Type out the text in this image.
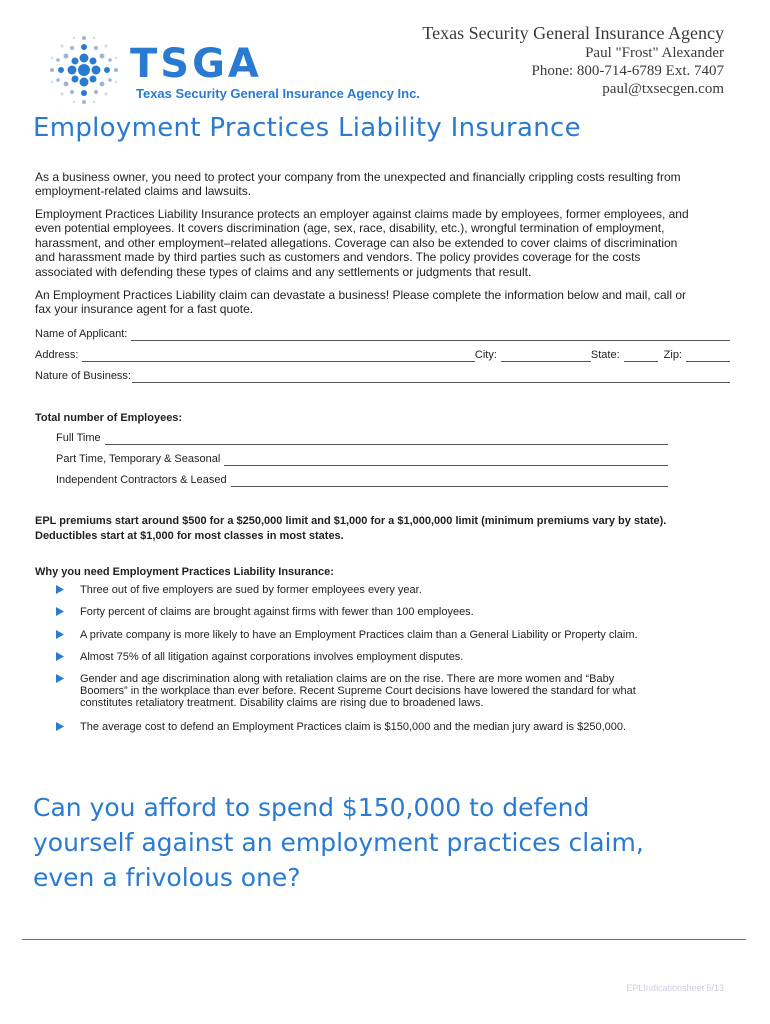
TSGA
Texas Security General Insurance Agency Inc.
Texas Security General Insurance Agency
Paul "Frost" Alexander
Phone: 800-714-6789 Ext. 7407
paul@txsecgen.com
Employment Practices Liability Insurance
As a business owner, you need to protect your company from the unexpected and financially crippling costs resulting from employment-related claims and lawsuits.
Employment Practices Liability Insurance protects an employer against claims made by employees, former employees, and even potential employees. It covers discrimination (age, sex, race, disability, etc.), wrongful termination of employment, harassment, and other employment–related allegations. Coverage can also be extended to cover claims of discrimination and harassment made by third parties such as customers and vendors. The policy provides coverage for the costs associated with defending these types of claims and any settlements or judgments that result.
An Employment Practices Liability claim can devastate a business! Please complete the information below and mail, call or fax your insurance agent for a fast quote.
Name of Applicant:
Address:	City:	State:	Zip:
Nature of Business:
Total number of Employees:
Full Time
Part Time, Temporary & Seasonal
Independent Contractors & Leased
EPL premiums start around $500 for a $250,000 limit and $1,000 for a $1,000,000 limit (minimum premiums vary by state).
Deductibles start at $1,000 for most classes in most states.
Why you need Employment Practices Liability Insurance:
Three out of five employers are sued by former employees every year.
Forty percent of claims are brought against firms with fewer than 100 employees.
A private company is more likely to have an Employment Practices claim than a General Liability or Property claim.
Almost 75% of all litigation against corporations involves employment disputes.
Gender and age discrimination along with retaliation claims are on the rise. There are more women and “Baby Boomers” in the workplace than ever before. Recent Supreme Court decisions have lowered the standard for what constitutes retaliatory treatment. Disability claims are rising due to broadened laws.
The average cost to defend an Employment Practices claim is $150,000 and the median jury award is $250,000.
Can you afford to spend $150,000 to defend yourself against an employment practices claim, even a frivolous one?
EPLIndicationsheet 5/13
